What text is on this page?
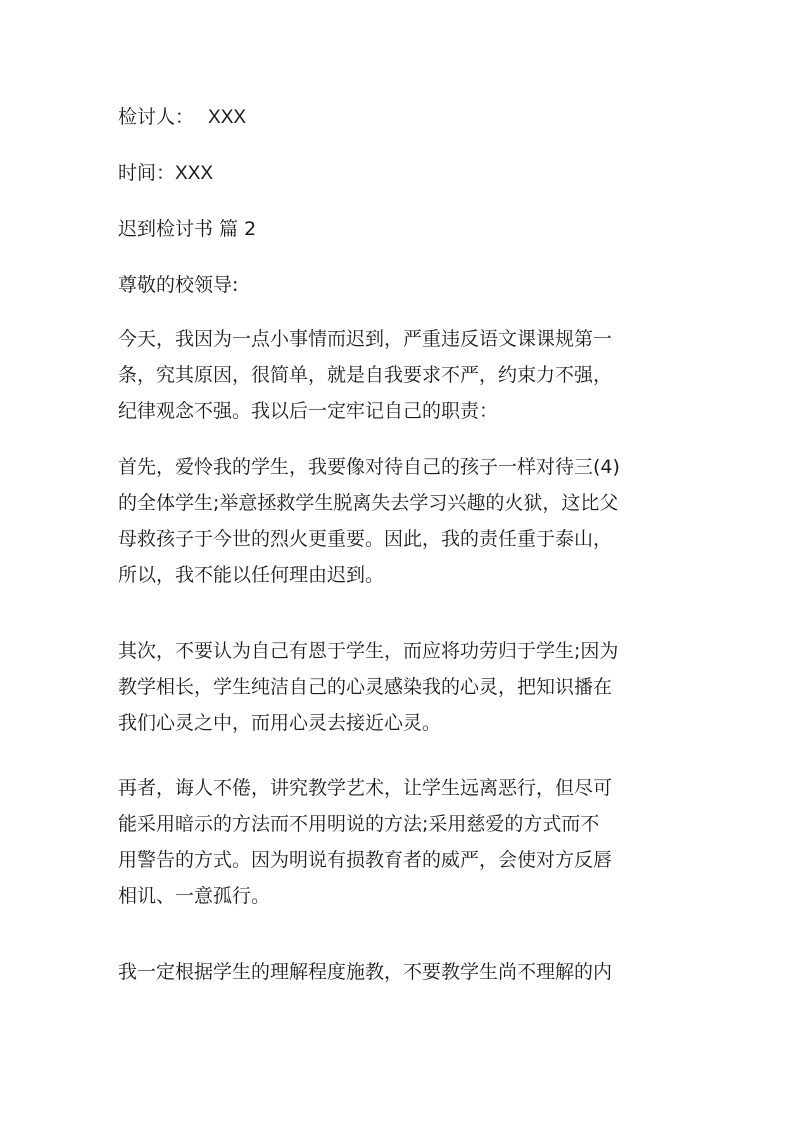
检讨人： XXX

时间：XXX

迟到检讨书 篇 2

尊敬的校领导:

今天，我因为一点小事情而迟到，严重违反语文课课规第一
条，究其原因，很简单，就是自我要求不严，约束力不强，
纪律观念不强。我以后一定牢记自己的职责：
首先，爱怜我的学生，我要像对待自己的孩子一样对待三(4)
的全体学生;举意拯救学生脱离失去学习兴趣的火狱，这比父
母救孩子于今世的烈火更重要。因此，我的责任重于泰山，
所以，我不能以任何理由迟到。
其次，不要认为自己有恩于学生，而应将功劳归于学生;因为
教学相长，学生纯洁自己的心灵感染我的心灵，把知识播在
我们心灵之中，而用心灵去接近心灵。
再者，诲人不倦，讲究教学艺术，让学生远离恶行，但尽可
能采用暗示的方法而不用明说的方法;采用慈爱的方式而不
用警告的方式。因为明说有损教育者的威严，会使对方反唇
相讥、一意孤行。
我一定根据学生的理解程度施教，不要教学生尚不理解的内
